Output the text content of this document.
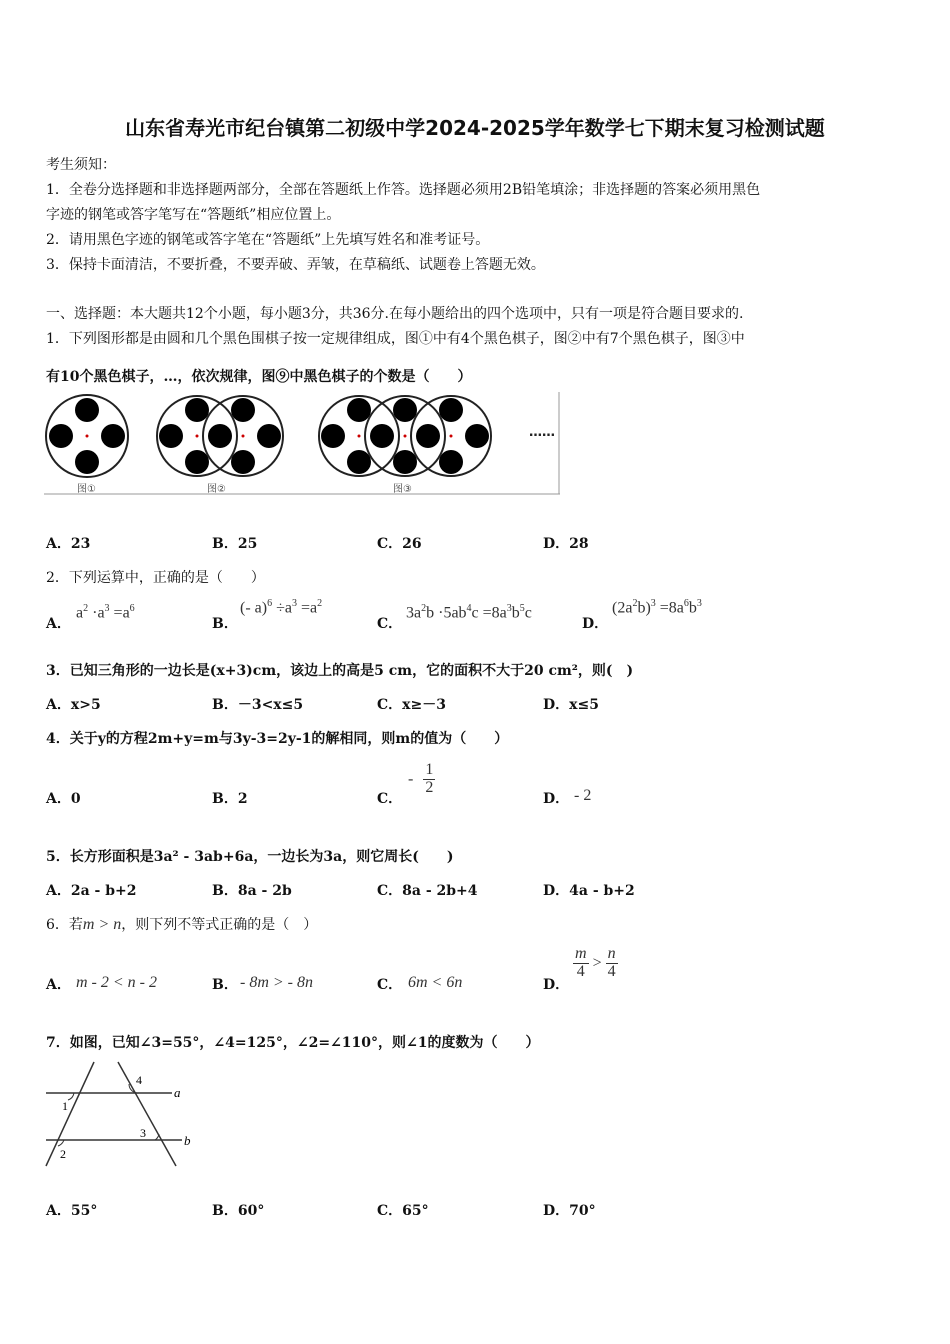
山东省寿光市纪台镇第二初级中学2024-2025学年数学七下期末复习检测试题
考生须知：
1．全卷分选择题和非选择题两部分，全部在答题纸上作答。选择题必须用2B铅笔填涂；非选择题的答案必须用黑色
字迹的钢笔或答字笔写在“答题纸”相应位置上。
2．请用黑色字迹的钢笔或答字笔在“答题纸”上先填写姓名和准考证号。
3．保持卡面清洁，不要折叠，不要弄破、弄皱，在草稿纸、试题卷上答题无效。
一、选择题：本大题共12个小题，每小题3分，共36分.在每小题给出的四个选项中，只有一项是符合题目要求的.
1．下列图形都是由圆和几个黑色围棋子按一定规律组成，图①中有4个黑色棋子，图②中有7个黑色棋子，图③中
有10个黑色棋子，…，依次规律，图⑨中黑色棋子的个数是（　　）
图①	图②	图③
……
A．23	B．25	C．26	D．28
2．下列运算中，正确的是（　　）
A．
$a^2 \cdot a^3 =a^6$
B．
(- $a)^6 \div a^3 =a^2$
C．
$3a^2b \cdot 5ab^4c =8a^3b^5c$
D．
$(2a^2b)^3 =8a^6b^3$
3．已知三角形的一边长是(x+3)cm，该边上的高是5 cm，它的面积不大于20 cm²，则(　)
A．x>5	B．－3<x≤5	C．x≥－3	D．x≤5
4．关于y的方程2m+y=m与3y-3=2y-1的解相同，则m的值为（　　）
A．0	B．2	C．
- $\frac{1}{2}$
D． - 2
5．长方形面积是3a² - 3ab+6a，一边长为3a，则它周长(　　)
A．2a - b+2	B．8a - 2b	C．8a - 2b+4	D．4a - b+2
6．若m > n，则下列不等式正确的是（　）
A． m - 2 < n - 2	B． - 8m > - 8n	C． 6m < 6n	D．
$\frac{m}{4} > \frac{n}{4}$
7．如图，已知∠3=55°，∠4=125°，∠2=∠110°，则∠1的度数为（　　）
4
a
1
3	b
2
A．55°	B．60°	C．65°	D．70°
